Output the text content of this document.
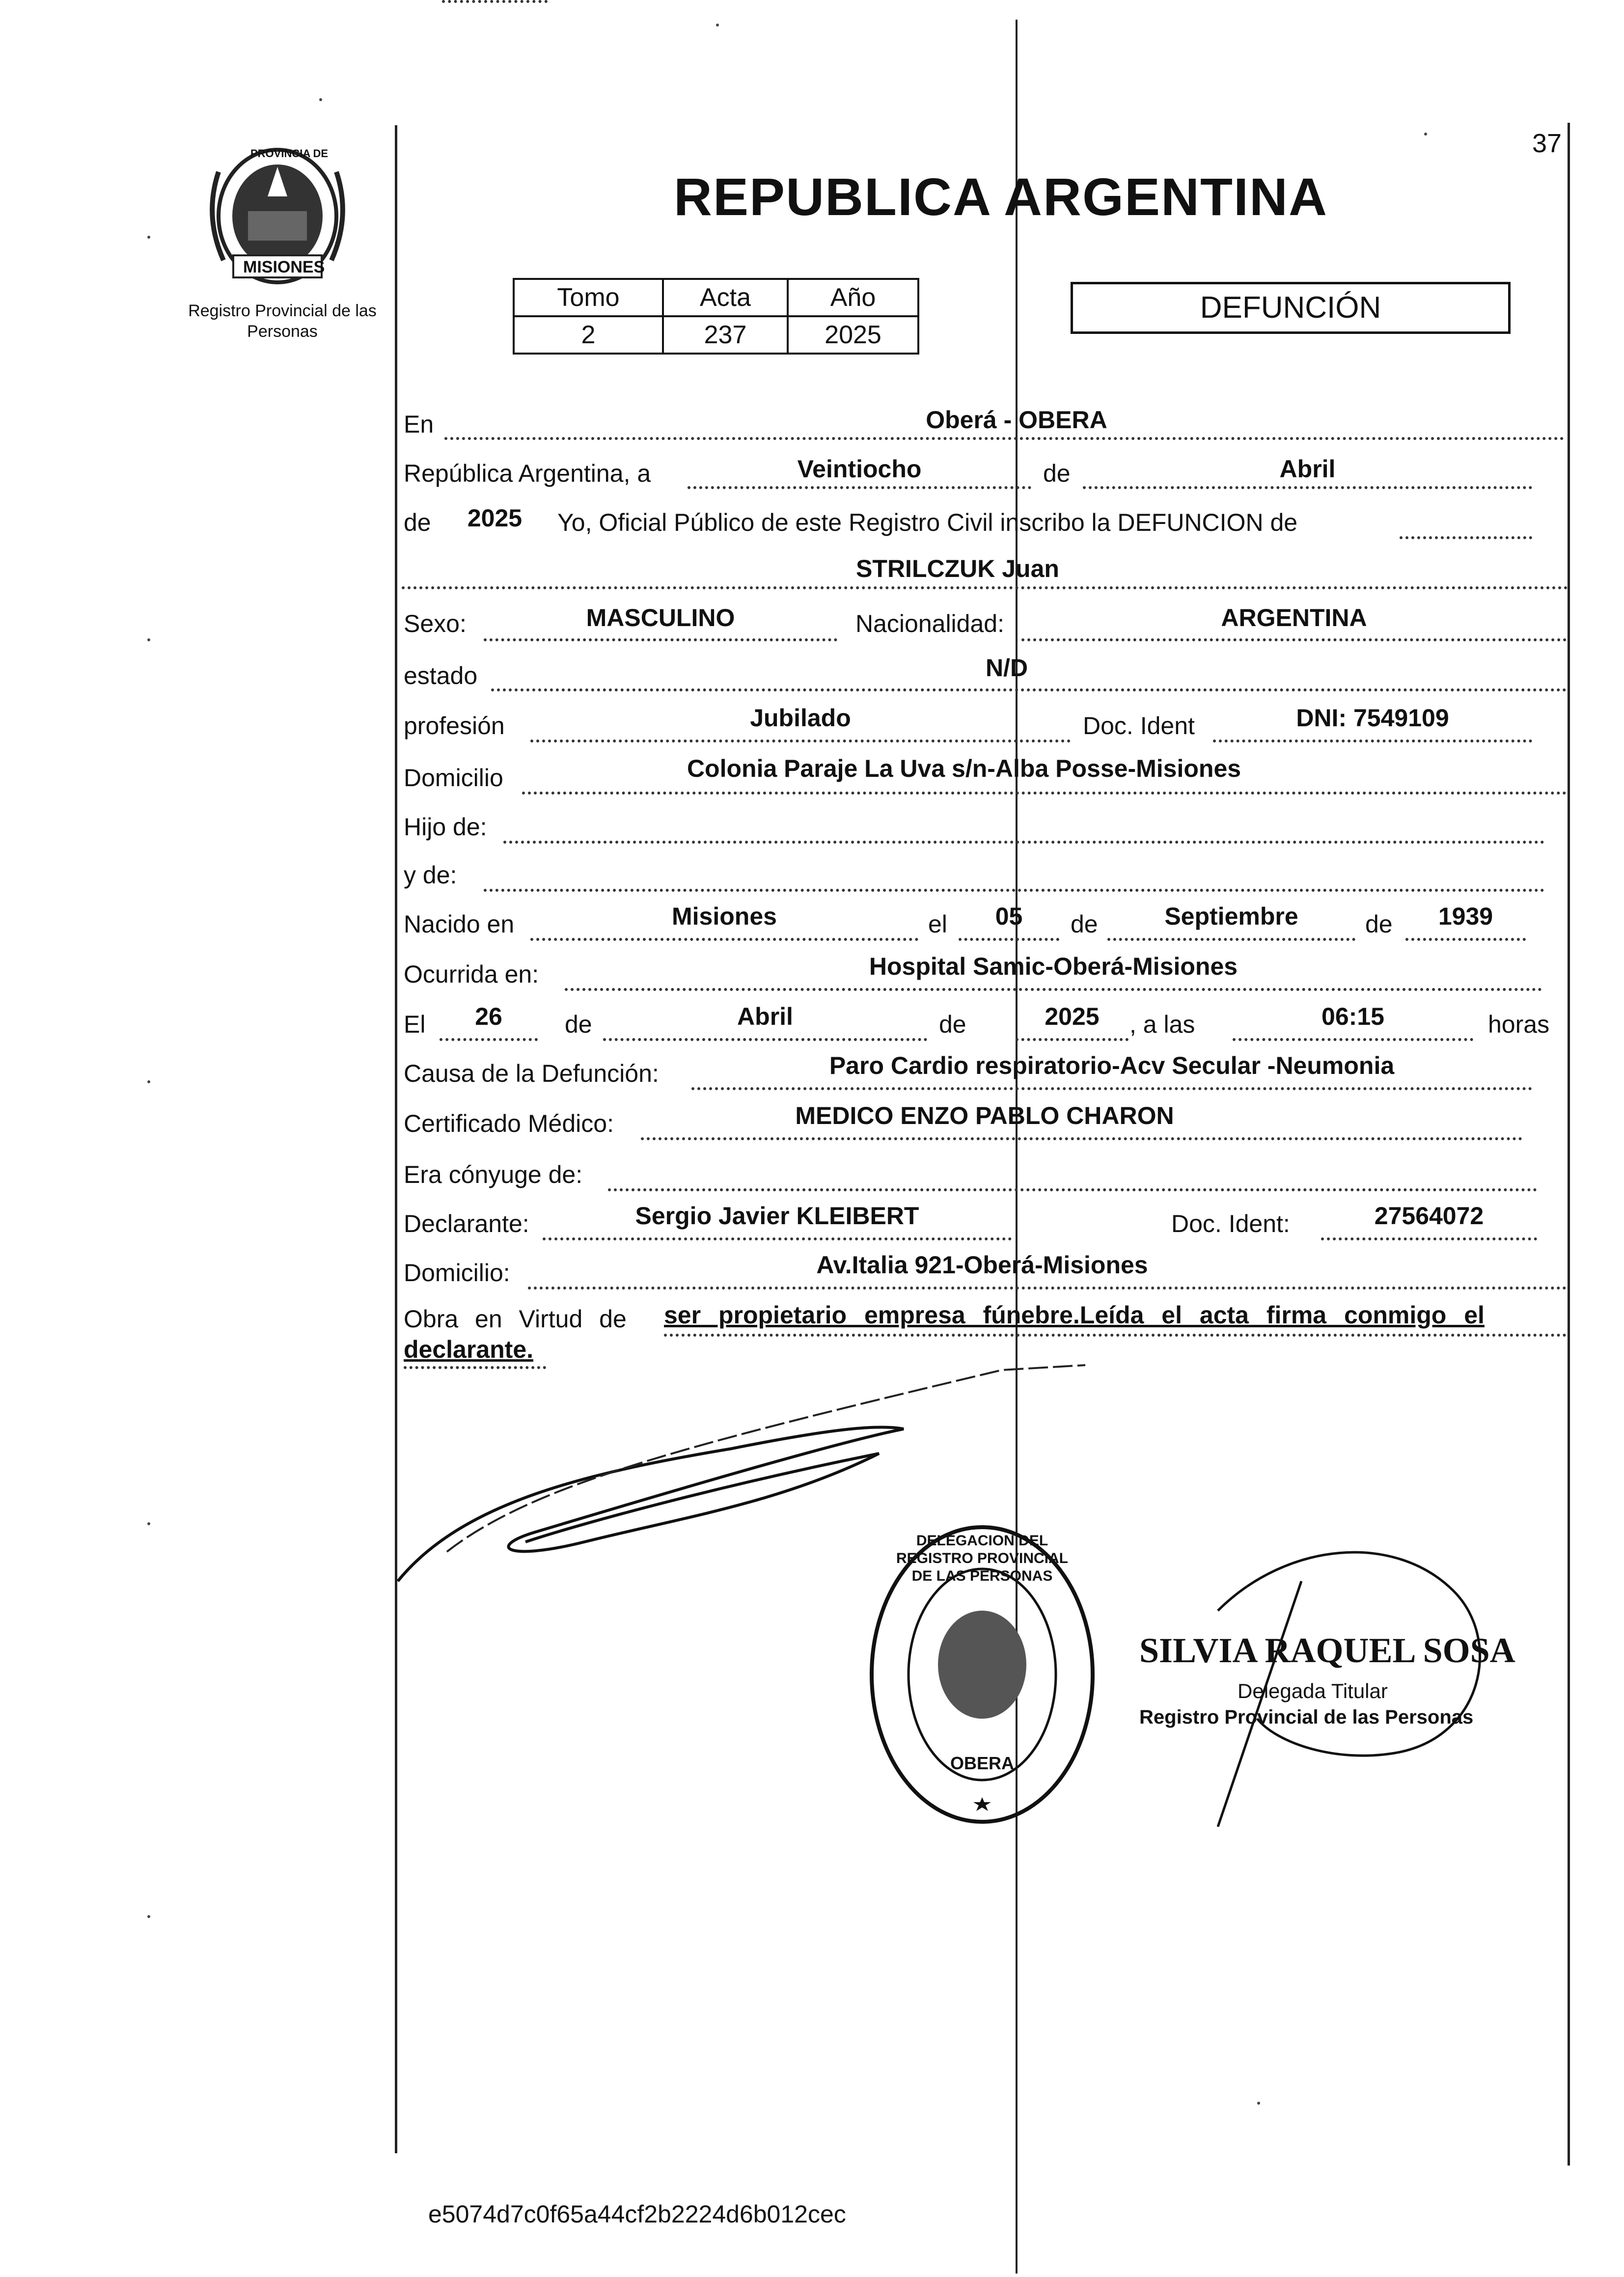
37
PROVINCIA DE
MISIONES
Registro Provincial de las Personas
REPUBLICA ARGENTINA
Tomo	Acta	Año
2	237	2025
DEFUNCIÓN
En	Oberá - OBERA
República Argentina, a	Veintiocho	de	Abril
de	2025	Yo, Oficial Público de este Registro Civil inscribo la DEFUNCION de
STRILCZUK Juan
Sexo:	MASCULINO	Nacionalidad:	ARGENTINA
estado	N/D
profesión	Jubilado	Doc. Ident	DNI: 7549109
Domicilio	Colonia Paraje La Uva s/n-Alba Posse-Misiones
Hijo de:
y de:
Nacido en	Misiones	el	05	de	Septiembre	de	1939
Ocurrida en:	Hospital Samic-Oberá-Misiones
El	26	de	Abril	de	2025	, a las	06:15	horas
Causa de la Defunción:	Paro Cardio respiratorio-Acv Secular -Neumonia
Certificado Médico:	MEDICO ENZO PABLO CHARON
Era cónyuge de:
Declarante:	Sergio Javier KLEIBERT	Doc. Ident:	27564072
Domicilio:	Av.Italia 921-Oberá-Misiones
Obra en Virtud de ser propietario empresa fúnebre.Leída el acta firma conmigo el
declarante.
DELEGACION DEL REGISTRO PROVINCIAL DE LAS PERSONAS
OBERA
SILVIA RAQUEL SOSA
Delegada Titular
Registro Provincial de las Personas
e5074d7c0f65a44cf2b2224d6b012cec
